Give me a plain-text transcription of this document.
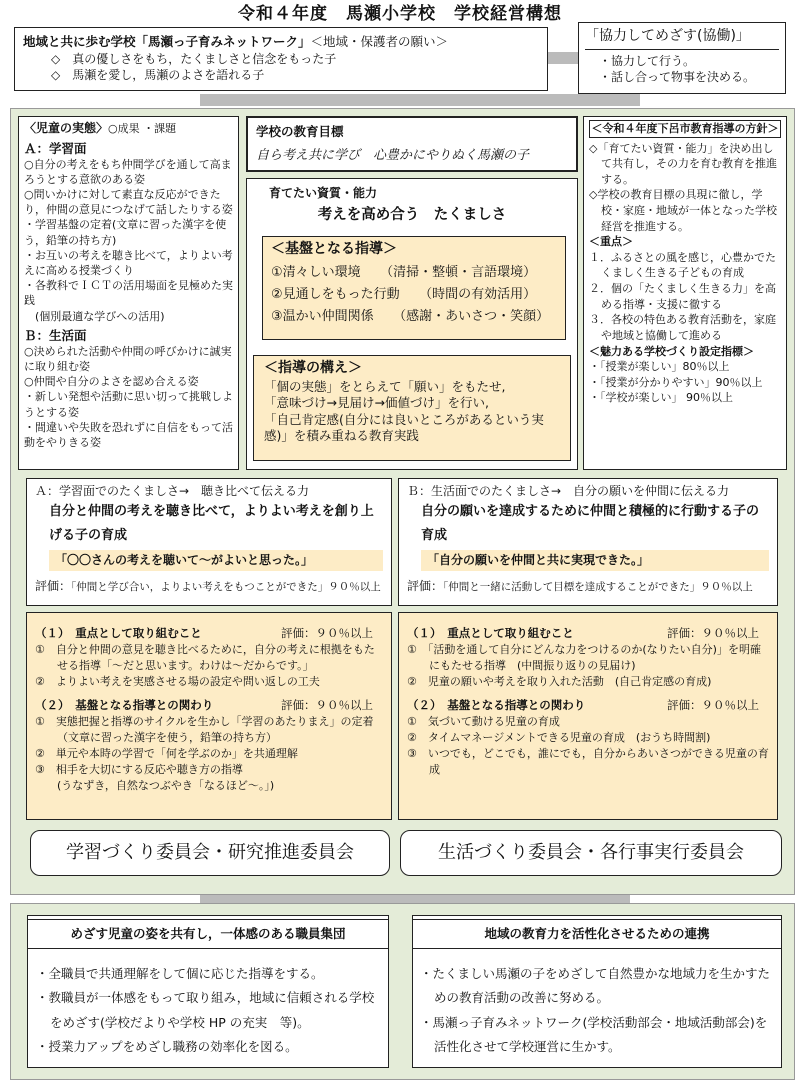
令和４年度　馬瀬小学校　学校経営構想
地域と共に歩む学校「馬瀬っ子育みネットワーク」＜地域・保護者の願い＞
◇　真の優しさをもち，たくましさと信念をもった子
◇　馬瀬を愛し，馬瀬のよさを語れる子
「協力してめざす(協働)」
・協力して行う。
・話し合って物事を決める。
〈児童の実態〉○成果 ・課題
Ａ：学習面
○自分の考えをもち仲間学びを通して高まろうとする意欲のある姿
○問いかけに対して素直な反応ができたり，仲間の意見につなげて話したりする姿
・学習基盤の定着(文章に習った漢字を使う，鉛筆の持ち方)
・お互いの考えを聴き比べて，よりよい考えに高める授業づくり
・各教科でＩＣＴの活用場面を見極めた実践
　(個別最適な学びへの活用)
Ｂ：生活面
○決められた活動や仲間の呼びかけに誠実に取り組む姿
○仲間や自分のよさを認め合える姿
・新しい発想や活動に思い切って挑戦しようとする姿
・間違いや失敗を恐れずに自信をもって活動をやりきる姿
学校の教育目標
自ら考え共に学び　心豊かにやりぬく馬瀬の子
育てたい資質・能力
考えを高め合う　たくましさ
＜基盤となる指導＞
①清々しい環境　　 （清掃・整頓・言語環境）
②見通しをもった行動　　 （時間の有効活用）
③温かい仲間関係　　 （感謝・あいさつ・笑顔）
＜指導の構え＞
「個の実態」をとらえて「願い」をもたせ,
「意味づけ→見届け→価値づけ」を行い,
「自己肯定感(自分には良いところがあるという実感)」を積み重ねる教育実践
＜令和４年度下呂市教育指導の方針＞
◇「育てたい資質・能力」を決め出して共有し，その力を育む教育を推進する。
◇学校の教育目標の具現に徹し，学校・家庭・地域が一体となった学校経営を推進する。
＜重点＞
１．ふるさとの風を感じ，心豊かでたくましく生きる子どもの育成
２．個の「たくましく生きる力」を高める指導・支援に徹する
３．各校の特色ある教育活動を，家庭や地域と協働して進める
＜魅力ある学校づくり設定指標＞
・「授業が楽しい」80％以上
・「授業が分かりやすい」90％以上
・「学校が楽しい」 90％以上
Ａ：学習面でのたくましさ→　聴き比べて伝える力
自分と仲間の考えを聴き比べて，よりよい考えを創り上げる子の育成
「〇〇さんの考えを聴いて～がよいと思った。」
評価：「仲間と学び合い，よりよい考えをもつことができた」９０％以上
Ｂ：生活面でのたくましさ→　自分の願いを仲間に伝える力
自分の願いを達成するために仲間と積極的に行動する子の育成
「自分の願いを仲間と共に実現できた。」
評価：「仲間と一緒に活動して目標を達成することができた」９０％以上
（１）　重点として取り組むこと	評価：９０％以上
①　自分と仲間の意見を聴き比べるために，自分の考えに根拠をもたせる指導「～だと思います。わけは～だからです。」
②　よりよい考えを実感させる場の設定や問い返しの工夫
（２）　基盤となる指導との関わり	評価：９０％以上
①　実態把握と指導のサイクルを生かし「学習のあたりまえ」の定着　（文章に習った漢字を使う，鉛筆の持ち方）
②　単元や本時の学習で「何を学ぶのか」を共通理解
③　相手を大切にする反応や聴き方の指導
　　(うなずき，自然なつぶやき「なるほど～。」)
（１）　重点として取り組むこと	評価：９０％以上
①　「活動を通して自分にどんな力をつけるのか(なりたい自分)」を明確にもたせる指導　(中間振り返りの見届け)
②　児童の願いや考えを取り入れた活動　(自己肯定感の育成)
（２）　基盤となる指導との関わり	評価：９０％以上
①　気づいて動ける児童の育成
②　タイムマネージメントできる児童の育成　(おうち時間割)
③　いつでも，どこでも，誰にでも，自分からあいさつができる児童の育成
学習づくり委員会・研究推進委員会	生活づくり委員会・各行事実行委員会
めざす児童の姿を共有し，一体感のある職員集団	地域の教育力を活性化させるための連携
・全職員で共通理解をして個に応じた指導をする。
・教職員が一体感をもって取り組み，地域に信頼される学校をめざす(学校だよりや学校 HP の充実　等)。
・授業力アップをめざし職務の効率化を図る。
・たくましい馬瀬の子をめざして自然豊かな地域力を生かすための教育活動の改善に努める。
・馬瀬っ子育みネットワーク(学校活動部会・地域活動部会)を活性化させて学校運営に生かす。
